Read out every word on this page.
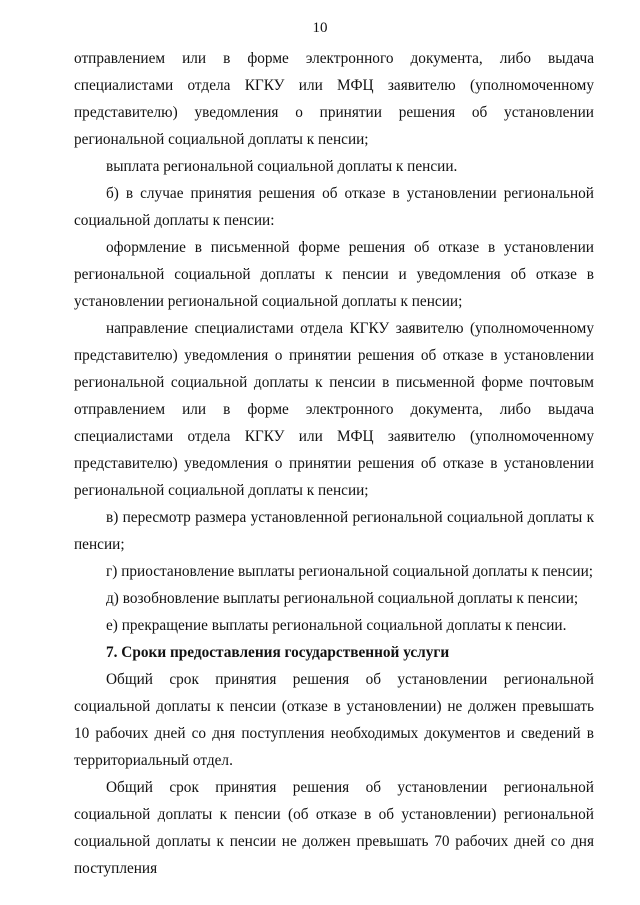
10

отправлением или в форме электронного документа, либо выдача специалистами отдела КГКУ или МФЦ заявителю (уполномоченному представителю) уведомления о принятии решения об установлении региональной социальной доплаты к пенсии;

выплата региональной социальной доплаты к пенсии.

б) в случае принятия решения об отказе в установлении региональной социальной доплаты к пенсии:

оформление в письменной форме решения об отказе в установлении региональной социальной доплаты к пенсии и уведомления об отказе в установлении региональной социальной доплаты к пенсии;

направление специалистами отдела КГКУ заявителю (уполномоченному представителю) уведомления о принятии решения об отказе в установлении региональной социальной доплаты к пенсии в письменной форме почтовым отправлением или в форме электронного документа, либо выдача специалистами отдела КГКУ или МФЦ заявителю (уполномоченному представителю) уведомления о принятии решения об отказе в установлении региональной социальной доплаты к пенсии;

в) пересмотр размера установленной региональной социальной доплаты к пенсии;

г) приостановление выплаты региональной социальной доплаты к пенсии;

д) возобновление выплаты региональной социальной доплаты к пенсии;

е) прекращение выплаты региональной социальной доплаты к пенсии.

7. Сроки предоставления государственной услуги

Общий срок принятия решения об установлении региональной социальной доплаты к пенсии (отказе в установлении) не должен превышать 10 рабочих дней со дня поступления необходимых документов и сведений в территориальный отдел.

Общий срок принятия решения об установлении региональной социальной доплаты к пенсии (об отказе в об установлении) региональной социальной доплаты к пенсии не должен превышать 70 рабочих дней со дня поступления
